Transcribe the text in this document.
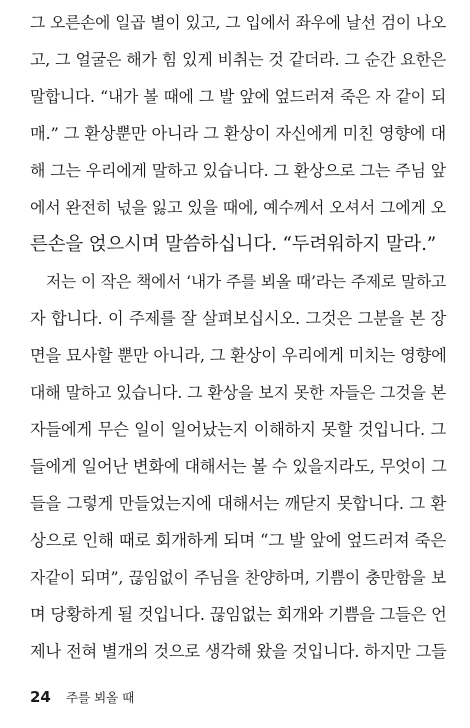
그 오른손에 일곱 별이 있고, 그 입에서 좌우에 날선 검이 나오
고, 그 얼굴은 해가 힘 있게 비취는 것 같더라. 그 순간 요한은
말합니다. “내가 볼 때에 그 발 앞에 엎드러져 죽은 자 같이 되
매.” 그 환상뿐만 아니라 그 환상이 자신에게 미친 영향에 대
해 그는 우리에게 말하고 있습니다. 그 환상으로 그는 주님 앞
에서 완전히 넋을 잃고 있을 때에, 예수께서 오셔서 그에게 오
른손을 얹으시며 말씀하십니다. “두려워하지 말라.”
저는 이 작은 책에서 ‘내가 주를 뵈올 때’라는 주제로 말하고
자 합니다. 이 주제를 잘 살펴보십시오. 그것은 그분을 본 장
면을 묘사할 뿐만 아니라, 그 환상이 우리에게 미치는 영향에
대해 말하고 있습니다. 그 환상을 보지 못한 자들은 그것을 본
자들에게 무슨 일이 일어났는지 이해하지 못할 것입니다. 그
들에게 일어난 변화에 대해서는 볼 수 있을지라도, 무엇이 그
들을 그렇게 만들었는지에 대해서는 깨닫지 못합니다. 그 환
상으로 인해 때로 회개하게 되며 “그 발 앞에 엎드러져 죽은
자같이 되며”, 끊임없이 주님을 찬양하며, 기쁨이 충만함을 보
며 당황하게 될 것입니다. 끊임없는 회개와 기쁨을 그들은 언
제나 전혀 별개의 것으로 생각해 왔을 것입니다. 하지만 그들
24 주를 뵈올 때
